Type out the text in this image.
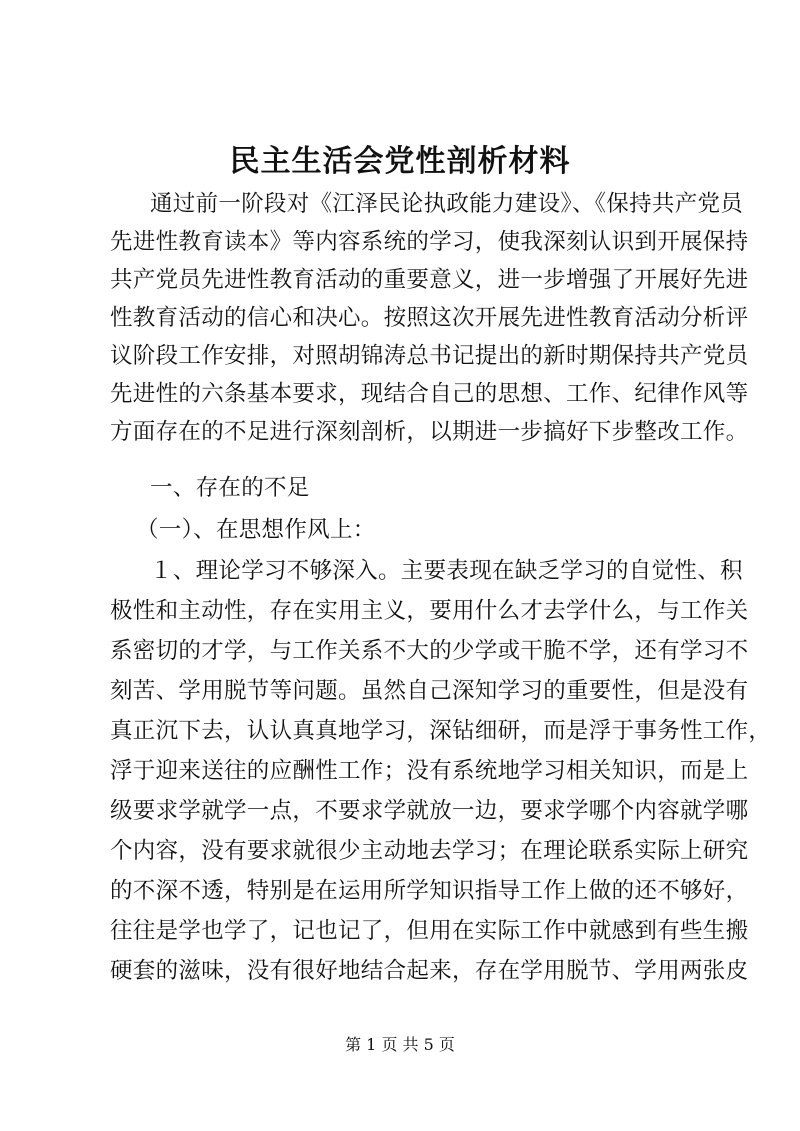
民主生活会党性剖析材料
通过前一阶段对《江泽民论执政能力建设》、《保持共产党员
先进性教育读本》等内容系统的学习，使我深刻认识到开展保持
共产党员先进性教育活动的重要意义，进一步增强了开展好先进
性教育活动的信心和决心。按照这次开展先进性教育活动分析评
议阶段工作安排，对照胡锦涛总书记提出的新时期保持共产党员
先进性的六条基本要求，现结合自己的思想、工作、纪律作风等
方面存在的不足进行深刻剖析，以期进一步搞好下步整改工作。
一、存在的不足
（一）、在思想作风上：
１、理论学习不够深入。主要表现在缺乏学习的自觉性、积
极性和主动性，存在实用主义，要用什么才去学什么，与工作关
系密切的才学，与工作关系不大的少学或干脆不学，还有学习不
刻苦、学用脱节等问题。虽然自己深知学习的重要性，但是没有
真正沉下去，认认真真地学习，深钻细研，而是浮于事务性工作，
浮于迎来送往的应酬性工作；没有系统地学习相关知识，而是上
级要求学就学一点，不要求学就放一边，要求学哪个内容就学哪
个内容，没有要求就很少主动地去学习；在理论联系实际上研究
的不深不透，特别是在运用所学知识指导工作上做的还不够好，
往往是学也学了，记也记了，但用在实际工作中就感到有些生搬
硬套的滋味，没有很好地结合起来，存在学用脱节、学用两张皮
第 1 页 共 5 页
